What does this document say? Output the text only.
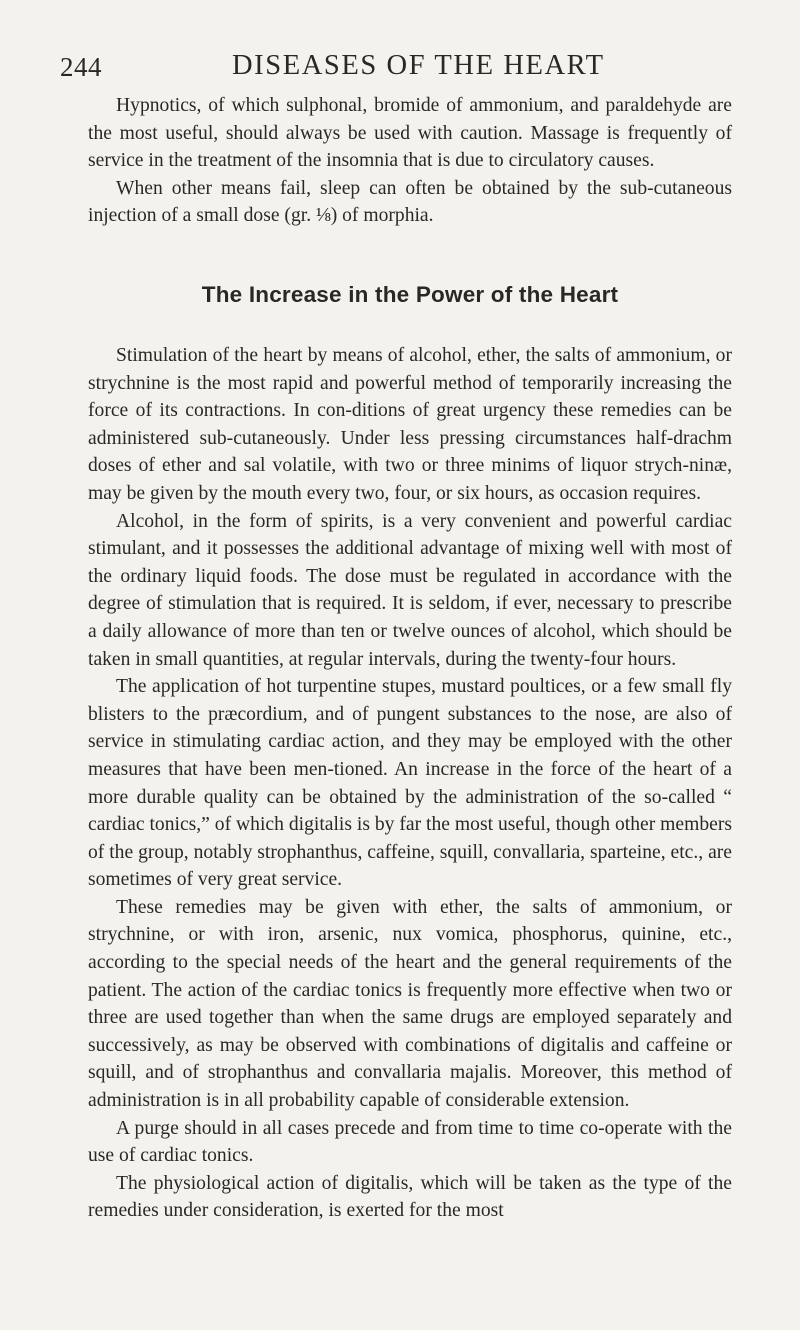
244	DISEASES OF THE HEART

Hypnotics, of which sulphonal, bromide of ammonium, and paraldehyde are the most useful, should always be used with caution. Massage is frequently of service in the treatment of the insomnia that is due to circulatory causes.

When other means fail, sleep can often be obtained by the sub-cutaneous injection of a small dose (gr. ⅛) of morphia.

The Increase in the Power of the Heart

Stimulation of the heart by means of alcohol, ether, the salts of ammonium, or strychnine is the most rapid and powerful method of temporarily increasing the force of its contractions. In con-ditions of great urgency these remedies can be administered sub-cutaneously. Under less pressing circumstances half-drachm doses of ether and sal volatile, with two or three minims of liquor strych-ninæ, may be given by the mouth every two, four, or six hours, as occasion requires.

Alcohol, in the form of spirits, is a very convenient and powerful cardiac stimulant, and it possesses the additional advantage of mixing well with most of the ordinary liquid foods. The dose must be regulated in accordance with the degree of stimulation that is required. It is seldom, if ever, necessary to prescribe a daily allowance of more than ten or twelve ounces of alcohol, which should be taken in small quantities, at regular intervals, during the twenty-four hours.

The application of hot turpentine stupes, mustard poultices, or a few small fly blisters to the præcordium, and of pungent substances to the nose, are also of service in stimulating cardiac action, and they may be employed with the other measures that have been men-tioned. An increase in the force of the heart of a more durable quality can be obtained by the administration of the so-called “ cardiac tonics,” of which digitalis is by far the most useful, though other members of the group, notably strophanthus, caffeine, squill, convallaria, sparteine, etc., are sometimes of very great service.

These remedies may be given with ether, the salts of ammonium, or strychnine, or with iron, arsenic, nux vomica, phosphorus, quinine, etc., according to the special needs of the heart and the general requirements of the patient. The action of the cardiac tonics is frequently more effective when two or three are used together than when the same drugs are employed separately and successively, as may be observed with combinations of digitalis and caffeine or squill, and of strophanthus and convallaria majalis. Moreover, this method of administration is in all probability capable of considerable extension.

A purge should in all cases precede and from time to time co-operate with the use of cardiac tonics.

The physiological action of digitalis, which will be taken as the type of the remedies under consideration, is exerted for the most
